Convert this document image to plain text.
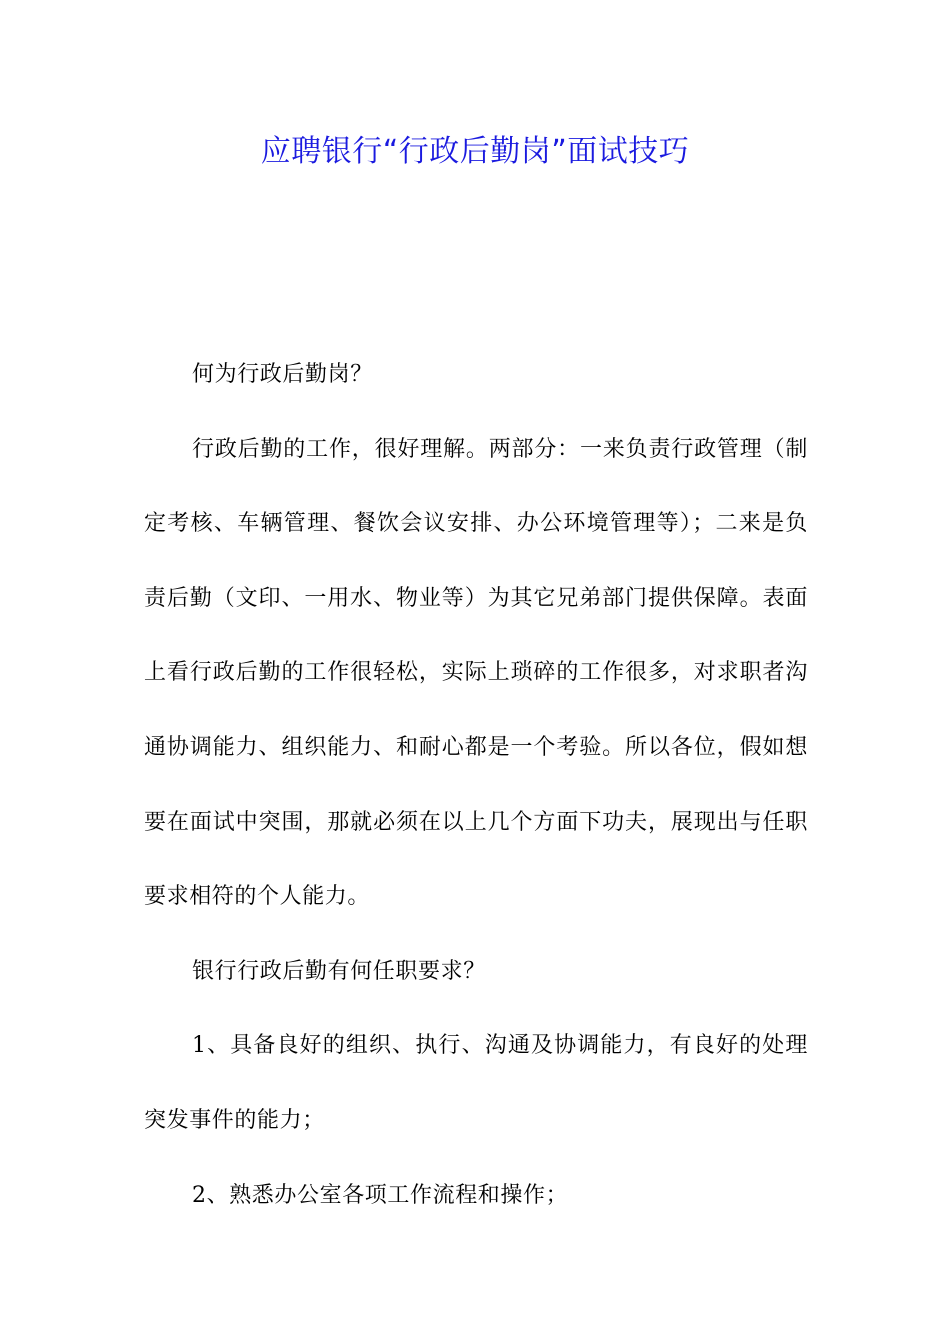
应聘银行“行政后勤岗”面试技巧

何为行政后勤岗？

行政后勤的工作，很好理解。两部分：一来负责行政管理（制定考核、车辆管理、餐饮会议安排、办公环境管理等）；二来是负责后勤（文印、一用水、物业等）为其它兄弟部门提供保障。表面上看行政后勤的工作很轻松，实际上琐碎的工作很多，对求职者沟通协调能力、组织能力、和耐心都是一个考验。所以各位，假如想要在面试中突围，那就必须在以上几个方面下功夫，展现出与任职要求相符的个人能力。

银行行政后勤有何任职要求？

1、具备良好的组织、执行、沟通及协调能力，有良好的处理突发事件的能力；

2、熟悉办公室各项工作流程和操作；
